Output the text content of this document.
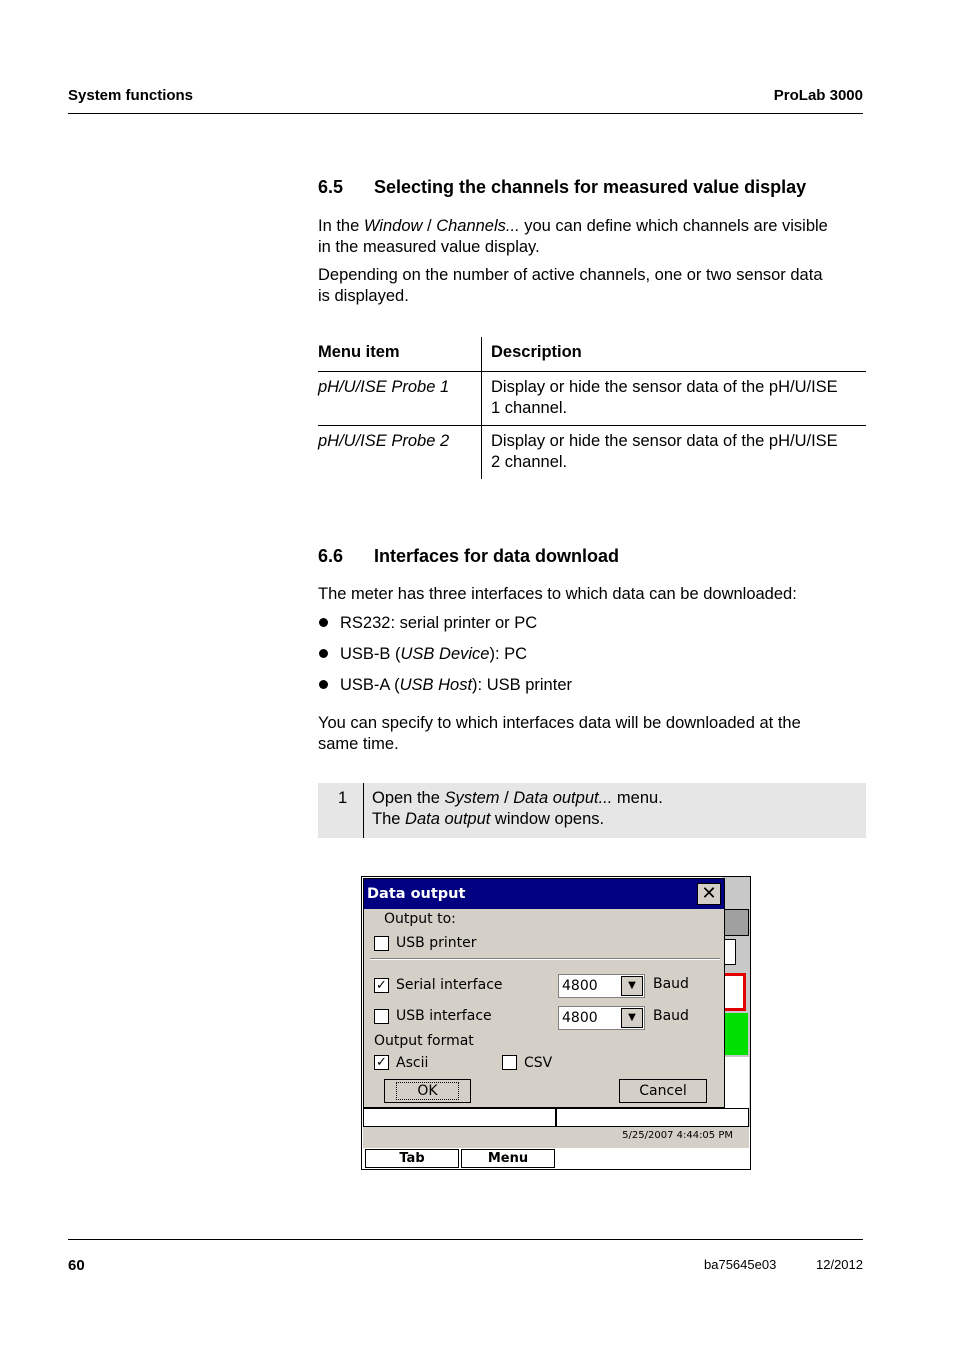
System functions	ProLab 3000
6.5 Selecting the channels for measured value display
In the Window / Channels... you can define which channels are visible
in the measured value display.
Depending on the number of active channels, one or two sensor data
is displayed.
Menu item	Description
pH/U/ISE Probe 1	Display or hide the sensor data of the pH/U/ISE
1 channel.
pH/U/ISE Probe 2	Display or hide the sensor data of the pH/U/ISE
2 channel.
6.6 Interfaces for data download
The meter has three interfaces to which data can be downloaded:
RS232: serial printer or PC
USB-B (USB Device): PC
USB-A (USB Host): USB printer
You can specify to which interfaces data will be downloaded at the
same time.
1 Open the System / Data output... menu.
The Data output window opens.
Data output	✕
Output to:
USB printer
✓ Serial interface	4800	▼	Baud
USB interface	4800	▼	Baud
Output format
✓ Ascii	CSV
OK	Cancel
5/25/2007 4:44:05 PM
Tab	Menu
60	ba75645e03	12/2012
